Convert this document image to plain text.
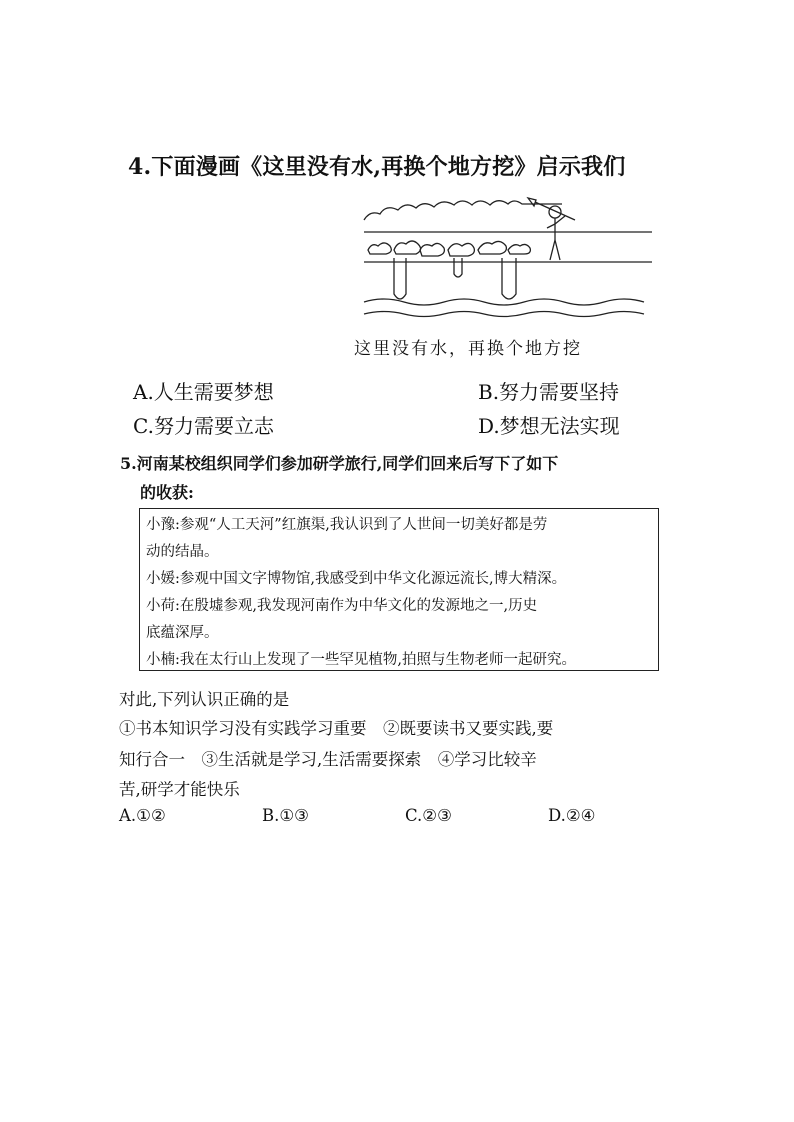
4.下面漫画《这里没有水,再换个地方挖》启示我们
这里没有水，再换个地方挖
A.人生需要梦想	B.努力需要坚持
C.努力需要立志	D.梦想无法实现
5.河南某校组织同学们参加研学旅行,同学们回来后写下了如下
的收获:
小豫:参观“人工天河”红旗渠,我认识到了人世间一切美好都是劳
动的结晶。
小媛:参观中国文字博物馆,我感受到中华文化源远流长,博大精深。
小荷:在殷墟参观,我发现河南作为中华文化的发源地之一,历史
底蕴深厚。
小楠:我在太行山上发现了一些罕见植物,拍照与生物老师一起研究。
对此,下列认识正确的是
①书本知识学习没有实践学习重要　②既要读书又要实践,要
知行合一　③生活就是学习,生活需要探索　④学习比较辛
苦,研学才能快乐
A.①②	B.①③	C.②③	D.②④
